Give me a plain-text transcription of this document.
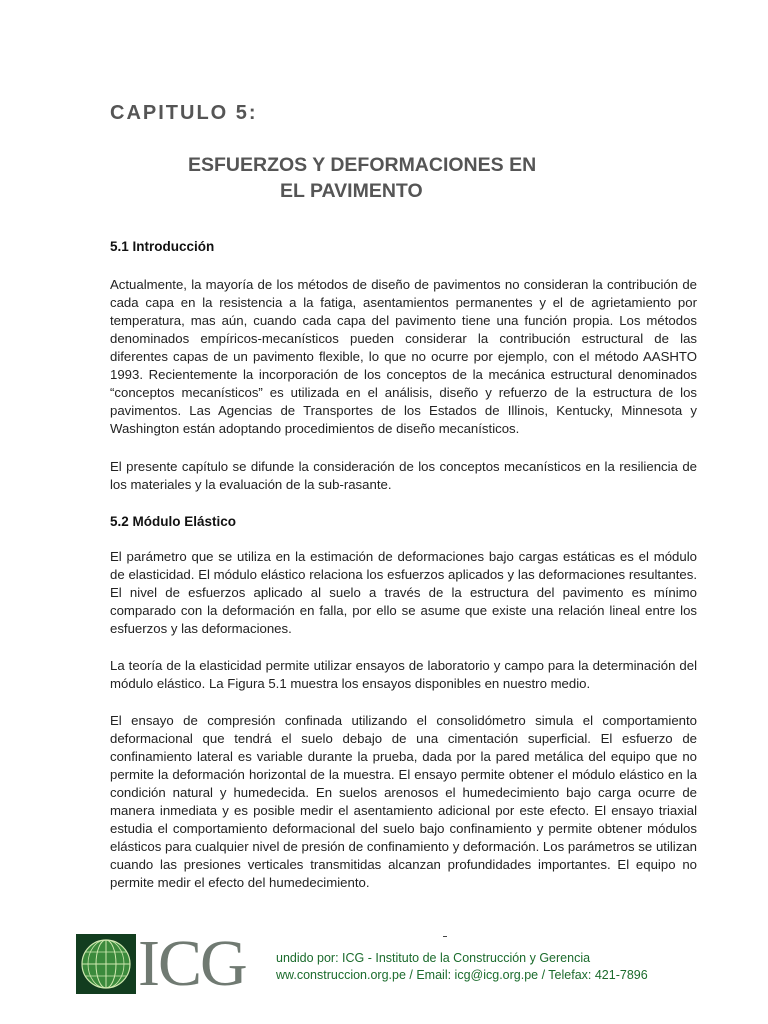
CAPITULO 5:
ESFUERZOS Y DEFORMACIONES EN
EL PAVIMENTO
5.1 Introducción
Actualmente, la mayoría de los métodos de diseño de pavimentos no consideran la contribución de cada capa en la resistencia a la fatiga, asentamientos permanentes y el de agrietamiento por temperatura, mas aún, cuando cada capa del pavimento tiene una función propia. Los métodos denominados empíricos-mecanísticos pueden considerar la contribución estructural de las diferentes capas de un pavimento flexible, lo que no ocurre por ejemplo, con el método AASHTO 1993. Recientemente la incorporación de los conceptos de la mecánica estructural denominados “conceptos mecanísticos” es utilizada en el análisis, diseño y refuerzo de la estructura de los pavimentos. Las Agencias de Transportes de los Estados de Illinois, Kentucky, Minnesota y Washington están adoptando procedimientos de diseño mecanísticos.
El presente capítulo se difunde la consideración de los conceptos mecanísticos en la resiliencia de los materiales y la evaluación de la sub-rasante.
5.2 Módulo Elástico
El parámetro que se utiliza en la estimación de deformaciones bajo cargas estáticas es el módulo de elasticidad. El módulo elástico relaciona los esfuerzos aplicados y las deformaciones resultantes. El nivel de esfuerzos aplicado al suelo a través de la estructura del pavimento es mínimo comparado con la deformación en falla, por ello se asume que existe una relación lineal entre los esfuerzos y las deformaciones.
La teoría de la elasticidad permite utilizar ensayos de laboratorio y campo para la determinación del módulo elástico. La Figura 5.1 muestra los ensayos disponibles en nuestro medio.
El ensayo de compresión confinada utilizando el consolidómetro simula el comportamiento deformacional que tendrá el suelo debajo de una cimentación superficial. El esfuerzo de confinamiento lateral es variable durante la prueba, dada por la pared metálica del equipo que no permite la deformación horizontal de la muestra. El ensayo permite obtener el módulo elástico en la condición natural y humedecida. En suelos arenosos el humedecimiento bajo carga ocurre de manera inmediata y es posible medir el asentamiento adicional por este efecto. El ensayo triaxial estudia el comportamiento deformacional del suelo bajo confinamiento y permite obtener módulos elásticos para cualquier nivel de presión de confinamiento y deformación. Los parámetros se utilizan cuando las presiones verticales transmitidas alcanzan profundidades importantes. El equipo no permite medir el efecto del humedecimiento.
ICG undido por: ICG - Instituto de la Construcción y Gerencia
ww.construccion.org.pe / Email: icg@icg.org.pe / Telefax: 421-7896
